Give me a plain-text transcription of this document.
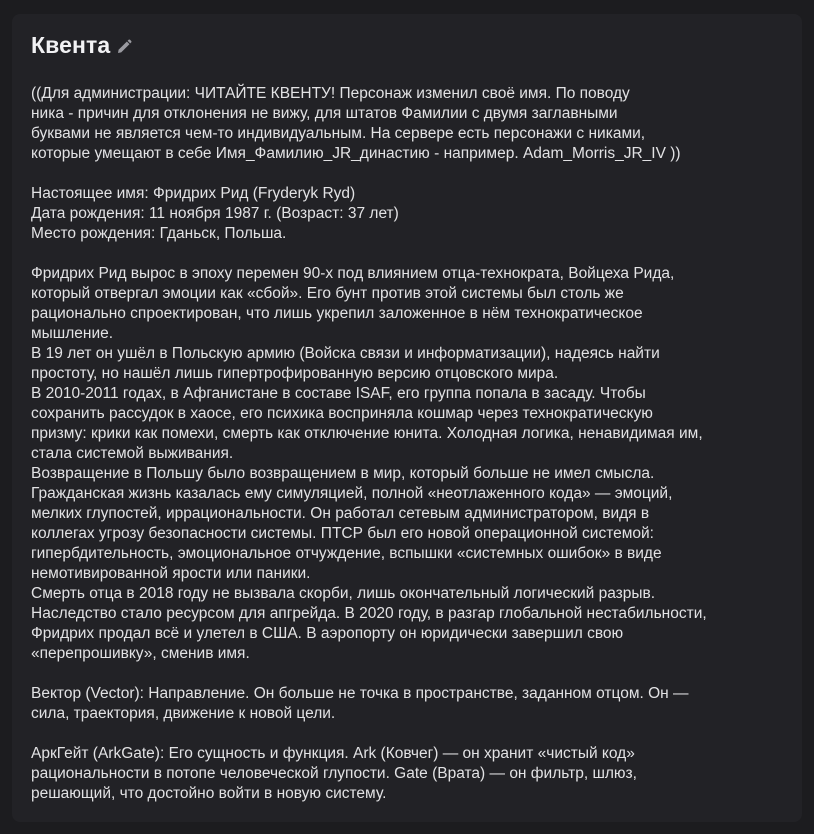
Квента
((Для администрации: ЧИТАЙТЕ КВЕНТУ! Персонаж изменил своё имя. По поводу
ника - причин для отклонения не вижу, для штатов Фамилии с двумя заглавными
буквами не является чем-то индивидуальным. На сервере есть персонажи с никами,
которые умещают в себе Имя_Фамилию_JR_династию - например. Adam_Morris_JR_IV ))
Настоящее имя: Фридрих Рид (Fryderyk Ryd)
Дата рождения: 11 ноября 1987 г. (Возраст: 37 лет)
Место рождения: Гданьск, Польша.
Фридрих Рид вырос в эпоху перемен 90-х под влиянием отца-технократа, Войцеха Рида,
который отвергал эмоции как «сбой». Его бунт против этой системы был столь же
рационально спроектирован, что лишь укрепил заложенное в нём технократическое
мышление.
В 19 лет он ушёл в Польскую армию (Войска связи и информатизации), надеясь найти
простоту, но нашёл лишь гипертрофированную версию отцовского мира.
В 2010-2011 годах, в Афганистане в составе ISAF, его группа попала в засаду. Чтобы
сохранить рассудок в хаосе, его психика восприняла кошмар через технократическую
призму: крики как помехи, смерть как отключение юнита. Холодная логика, ненавидимая им,
стала системой выживания.
Возвращение в Польшу было возвращением в мир, который больше не имел смысла.
Гражданская жизнь казалась ему симуляцией, полной «неотлаженного кода» — эмоций,
мелких глупостей, иррациональности. Он работал сетевым администратором, видя в
коллегах угрозу безопасности системы. ПТСР был его новой операционной системой:
гипербдительность, эмоциональное отчуждение, вспышки «системных ошибок» в виде
немотивированной ярости или паники.
Смерть отца в 2018 году не вызвала скорби, лишь окончательный логический разрыв.
Наследство стало ресурсом для апгрейда. В 2020 году, в разгар глобальной нестабильности,
Фридрих продал всё и улетел в США. В аэропорту он юридически завершил свою
«перепрошивку», сменив имя.
Вектор (Vector): Направление. Он больше не точка в пространстве, заданном отцом. Он —
сила, траектория, движение к новой цели.
АркГейт (ArkGate): Его сущность и функция. Ark (Ковчег) — он хранит «чистый код»
рациональности в потопе человеческой глупости. Gate (Врата) — он фильтр, шлюз,
решающий, что достойно войти в новую систему.
